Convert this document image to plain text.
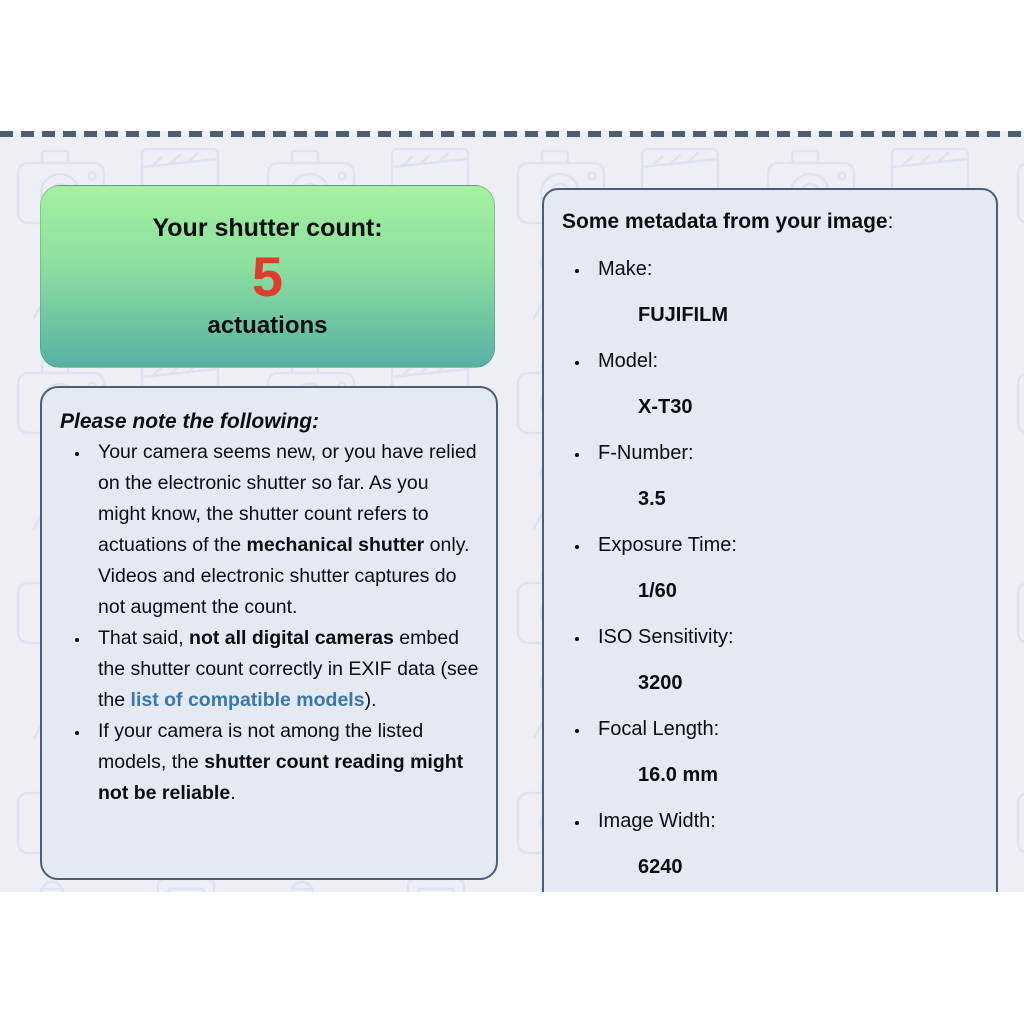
Your shutter count:
5
actuations
Please note the following:
• Your camera seems new, or you have relied on the electronic shutter so far. As you might know, the shutter count refers to actuations of the mechanical shutter only. Videos and electronic shutter captures do not augment the count.
• That said, not all digital cameras embed the shutter count correctly in EXIF data (see the list of compatible models).
• If your camera is not among the listed models, the shutter count reading might not be reliable.
Some metadata from your image:
• Make:
FUJIFILM
• Model:
X-T30
• F-Number:
3.5
• Exposure Time:
1/60
• ISO Sensitivity:
3200
• Focal Length:
16.0 mm
• Image Width:
6240
